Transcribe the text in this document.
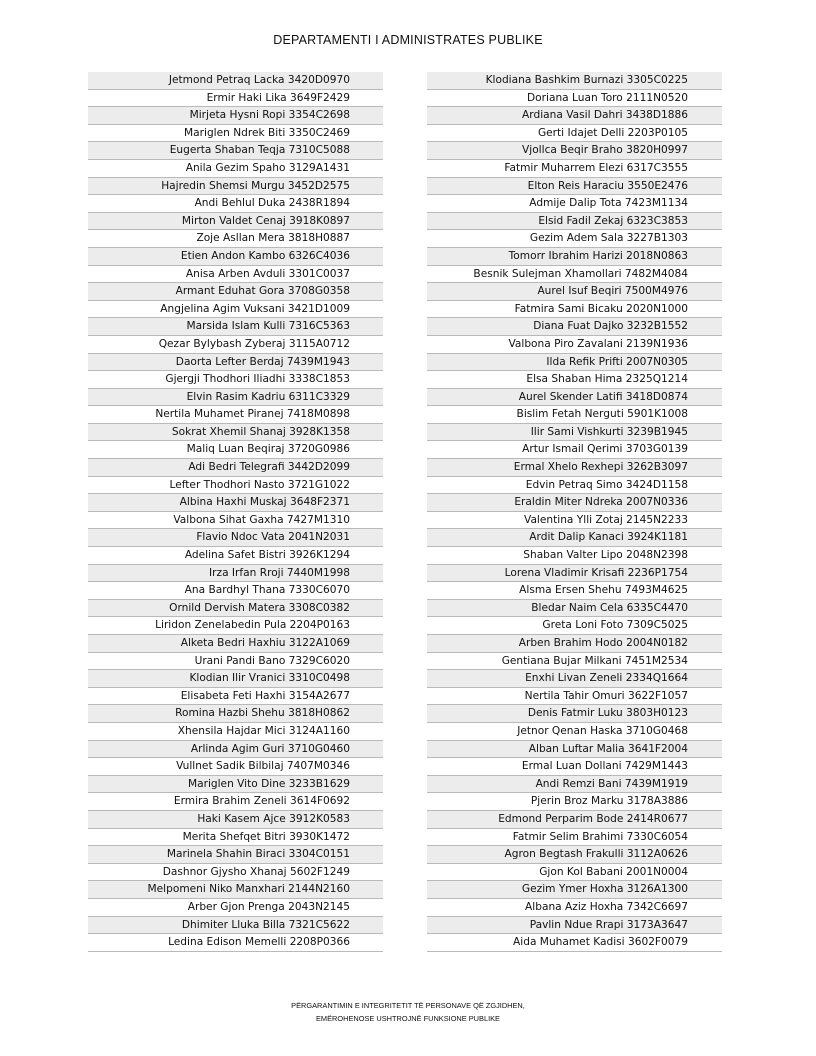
DEPARTAMENTI I ADMINISTRATES PUBLIKE
Jetmond Petraq Lacka 3420D0970
Ermir Haki Lika 3649F2429
Mirjeta Hysni Ropi 3354C2698
Mariglen Ndrek Biti 3350C2469
Eugerta Shaban Teqja 7310C5088
Anila Gezim Spaho 3129A1431
Hajredin Shemsi Murgu 3452D2575
Andi Behlul Duka 2438R1894
Mirton Valdet Cenaj 3918K0897
Zoje Asllan Mera 3818H0887
Etien Andon Kambo 6326C4036
Anisa Arben Avduli 3301C0037
Armant Eduhat Gora 3708G0358
Angjelina Agim Vuksani 3421D1009
Marsida Islam Kulli 7316C5363
Qezar Bylybash Zyberaj 3115A0712
Daorta Lefter Berdaj 7439M1943
Gjergji Thodhori Iliadhi 3338C1853
Elvin Rasim Kadriu 6311C3329
Nertila Muhamet Piranej 7418M0898
Sokrat Xhemil Shanaj 3928K1358
Maliq Luan Beqiraj 3720G0986
Adi Bedri Telegrafi 3442D2099
Lefter Thodhori Nasto 3721G1022
Albina Haxhi Muskaj 3648F2371
Valbona Sihat Gaxha 7427M1310
Flavio Ndoc Vata 2041N2031
Adelina Safet Bistri 3926K1294
Irza Irfan Rroji 7440M1998
Ana Bardhyl Thana 7330C6070
Ornild Dervish Matera 3308C0382
Liridon Zenelabedin Pula 2204P0163
Alketa Bedri Haxhiu 3122A1069
Urani Pandi Bano 7329C6020
Klodian Ilir Vranici 3310C0498
Elisabeta Feti Haxhi 3154A2677
Romina Hazbi Shehu 3818H0862
Xhensila Hajdar Mici 3124A1160
Arlinda Agim Guri 3710G0460
Vullnet Sadik Bilbilaj 7407M0346
Mariglen Vito Dine 3233B1629
Ermira Brahim Zeneli 3614F0692
Haki Kasem Ajce 3912K0583
Merita Shefqet Bitri 3930K1472
Marinela Shahin Biraci 3304C0151
Dashnor Gjysho Xhanaj 5602F1249
Melpomeni Niko Manxhari 2144N2160
Arber Gjon Prenga 2043N2145
Dhimiter Lluka Billa 7321C5622
Ledina Edison Memelli 2208P0366
Klodiana Bashkim Burnazi 3305C0225
Doriana Luan Toro 2111N0520
Ardiana Vasil Dahri 3438D1886
Gerti Idajet Delli 2203P0105
Vjollca Beqir Braho 3820H0997
Fatmir Muharrem Elezi 6317C3555
Elton Reis Haraciu 3550E2476
Admije Dalip Tota 7423M1134
Elsid Fadil Zekaj 6323C3853
Gezim Adem Sala 3227B1303
Tomorr Ibrahim Harizi 2018N0863
Besnik Sulejman Xhamollari 7482M4084
Aurel Isuf Beqiri 7500M4976
Fatmira Sami Bicaku 2020N1000
Diana Fuat Dajko 3232B1552
Valbona Piro Zavalani 2139N1936
Ilda Refik Prifti 2007N0305
Elsa Shaban Hima 2325Q1214
Aurel Skender Latifi 3418D0874
Bislim Fetah Nerguti 5901K1008
Ilir Sami Vishkurti 3239B1945
Artur Ismail Qerimi 3703G0139
Ermal Xhelo Rexhepi 3262B3097
Edvin Petraq Simo 3424D1158
Eraldin Miter Ndreka 2007N0336
Valentina Ylli Zotaj 2145N2233
Ardit Dalip Kanaci 3924K1181
Shaban Valter Lipo 2048N2398
Lorena Vladimir Krisafi 2236P1754
Alsma Ersen Shehu 7493M4625
Bledar Naim Cela 6335C4470
Greta Loni Foto 7309C5025
Arben Brahim Hodo 2004N0182
Gentiana Bujar Milkani 7451M2534
Enxhi Livan Zeneli 2334Q1664
Nertila Tahir Omuri 3622F1057
Denis Fatmir Luku 3803H0123
Jetnor Qenan Haska 3710G0468
Alban Luftar Malia 3641F2004
Ermal Luan Dollani 7429M1443
Andi Remzi Bani 7439M1919
Pjerin Broz Marku 3178A3886
Edmond Perparim Bode 2414R0677
Fatmir Selim Brahimi 7330C6054
Agron Begtash Frakulli 3112A0626
Gjon Kol Babani 2001N0004
Gezim Ymer Hoxha 3126A1300
Albana Aziz Hoxha 7342C6697
Pavlin Ndue Rrapi 3173A3647
Aida Muhamet Kadisi 3602F0079
PËRGARANTIMIN E INTEGRITETIT TË PERSONAVE QË ZGJIDHEN,
EMËROHENOSE USHTROJNË FUNKSIONE PUBLIKE
